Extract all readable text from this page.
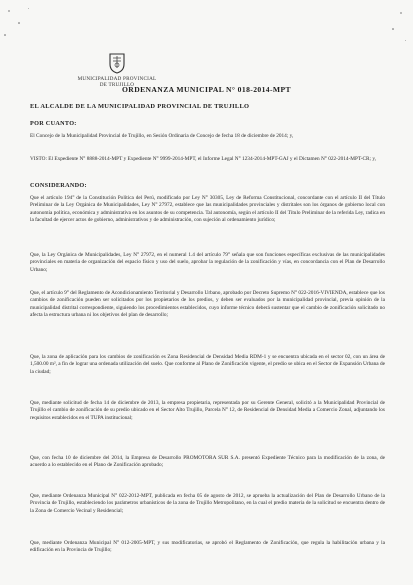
MUNICIPALIDAD PROVINCIAL
DE TRUJILLO
ORDENANZA MUNICIPAL N° 018-2014-MPT
EL ALCALDE DE LA MUNICIPALIDAD PROVINCIAL DE TRUJILLO
POR CUANTO:
El Concejo de la Municipalidad Provincial de Trujillo, en Sesión Ordinaria de Concejo de fecha 18 de diciembre de 2014; y,
VISTO: El Expediente N° 8888-2014-MPT y Expediente N° 9999-2014-MPT, el Informe Legal N° 1234-2014-MPT-GAJ y el Dictamen N° 022-2014-MPT-CR; y,
CONSIDERANDO:
Que el artículo 194° de la Constitución Política del Perú, modificado por Ley N° 30305, Ley de Reforma Constitucional, concordante con el artículo II del Título Preliminar de la Ley Orgánica de Municipalidades, Ley N° 27972, establece que las municipalidades provinciales y distritales son los órganos de gobierno local con autonomía política, económica y administrativa en los asuntos de su competencia. Tal autonomía, según el artículo II del Título Preliminar de la referida Ley, radica en la facultad de ejercer actos de gobierno, administrativos y de administración, con sujeción al ordenamiento jurídico;
Que, la Ley Orgánica de Municipalidades, Ley N° 27972, en el numeral 1.4 del artículo 79° señala que son funciones específicas exclusivas de las municipalidades provinciales en materia de organización del espacio físico y uso del suelo, aprobar la regulación de la zonificación y vías, en concordancia con el Plan de Desarrollo Urbano;
Que, el artículo 9° del Reglamento de Acondicionamiento Territorial y Desarrollo Urbano, aprobado por Decreto Supremo N° 022-2016-VIVIENDA, establece que los cambios de zonificación pueden ser solicitados por los propietarios de los predios, y deben ser evaluados por la municipalidad provincial, previa opinión de la municipalidad distrital correspondiente, siguiendo los procedimientos establecidos, cuyo informe técnico deberá sustentar que el cambio de zonificación solicitado no afecta la estructura urbana ni los objetivos del plan de desarrollo;
Que, la zona de aplicación para los cambios de zonificación es Zona Residencial de Densidad Media RDM-1 y se encuentra ubicada en el sector 02, con un área de 1,500.00 m², a fin de lograr una ordenada utilización del suelo. Que conforme al Plano de Zonificación vigente, el predio se ubica en el Sector de Expansión Urbana de la ciudad;
Que, mediante solicitud de fecha 14 de diciembre de 2013, la empresa propietaria, representada por su Gerente General, solicitó a la Municipalidad Provincial de Trujillo el cambio de zonificación de su predio ubicado en el Sector Alto Trujillo, Parcela N° 12, de Residencial de Densidad Media a Comercio Zonal, adjuntando los requisitos establecidos en el TUPA institucional;
Que, con fecha 10 de diciembre del 2014, la Empresa de Desarrollo PROMOTORA SUR S.A. presentó Expediente Técnico para la modificación de la zona, de acuerdo a lo establecido en el Plano de Zonificación aprobado;
Que, mediante Ordenanza Municipal N° 022-2012-MPT, publicada en fecha 05 de agosto de 2012, se aprueba la actualización del Plan de Desarrollo Urbano de la Provincia de Trujillo, estableciendo los parámetros urbanísticos de la zona de Trujillo Metropolitano, en la cual el predio materia de la solicitud se encuentra dentro de la Zona de Comercio Vecinal y Residencial;
Que, mediante Ordenanza Municipal N° 012-2005-MPT, y sus modificatorias, se aprobó el Reglamento de Zonificación, que regula la habilitación urbana y la edificación en la Provincia de Trujillo;
